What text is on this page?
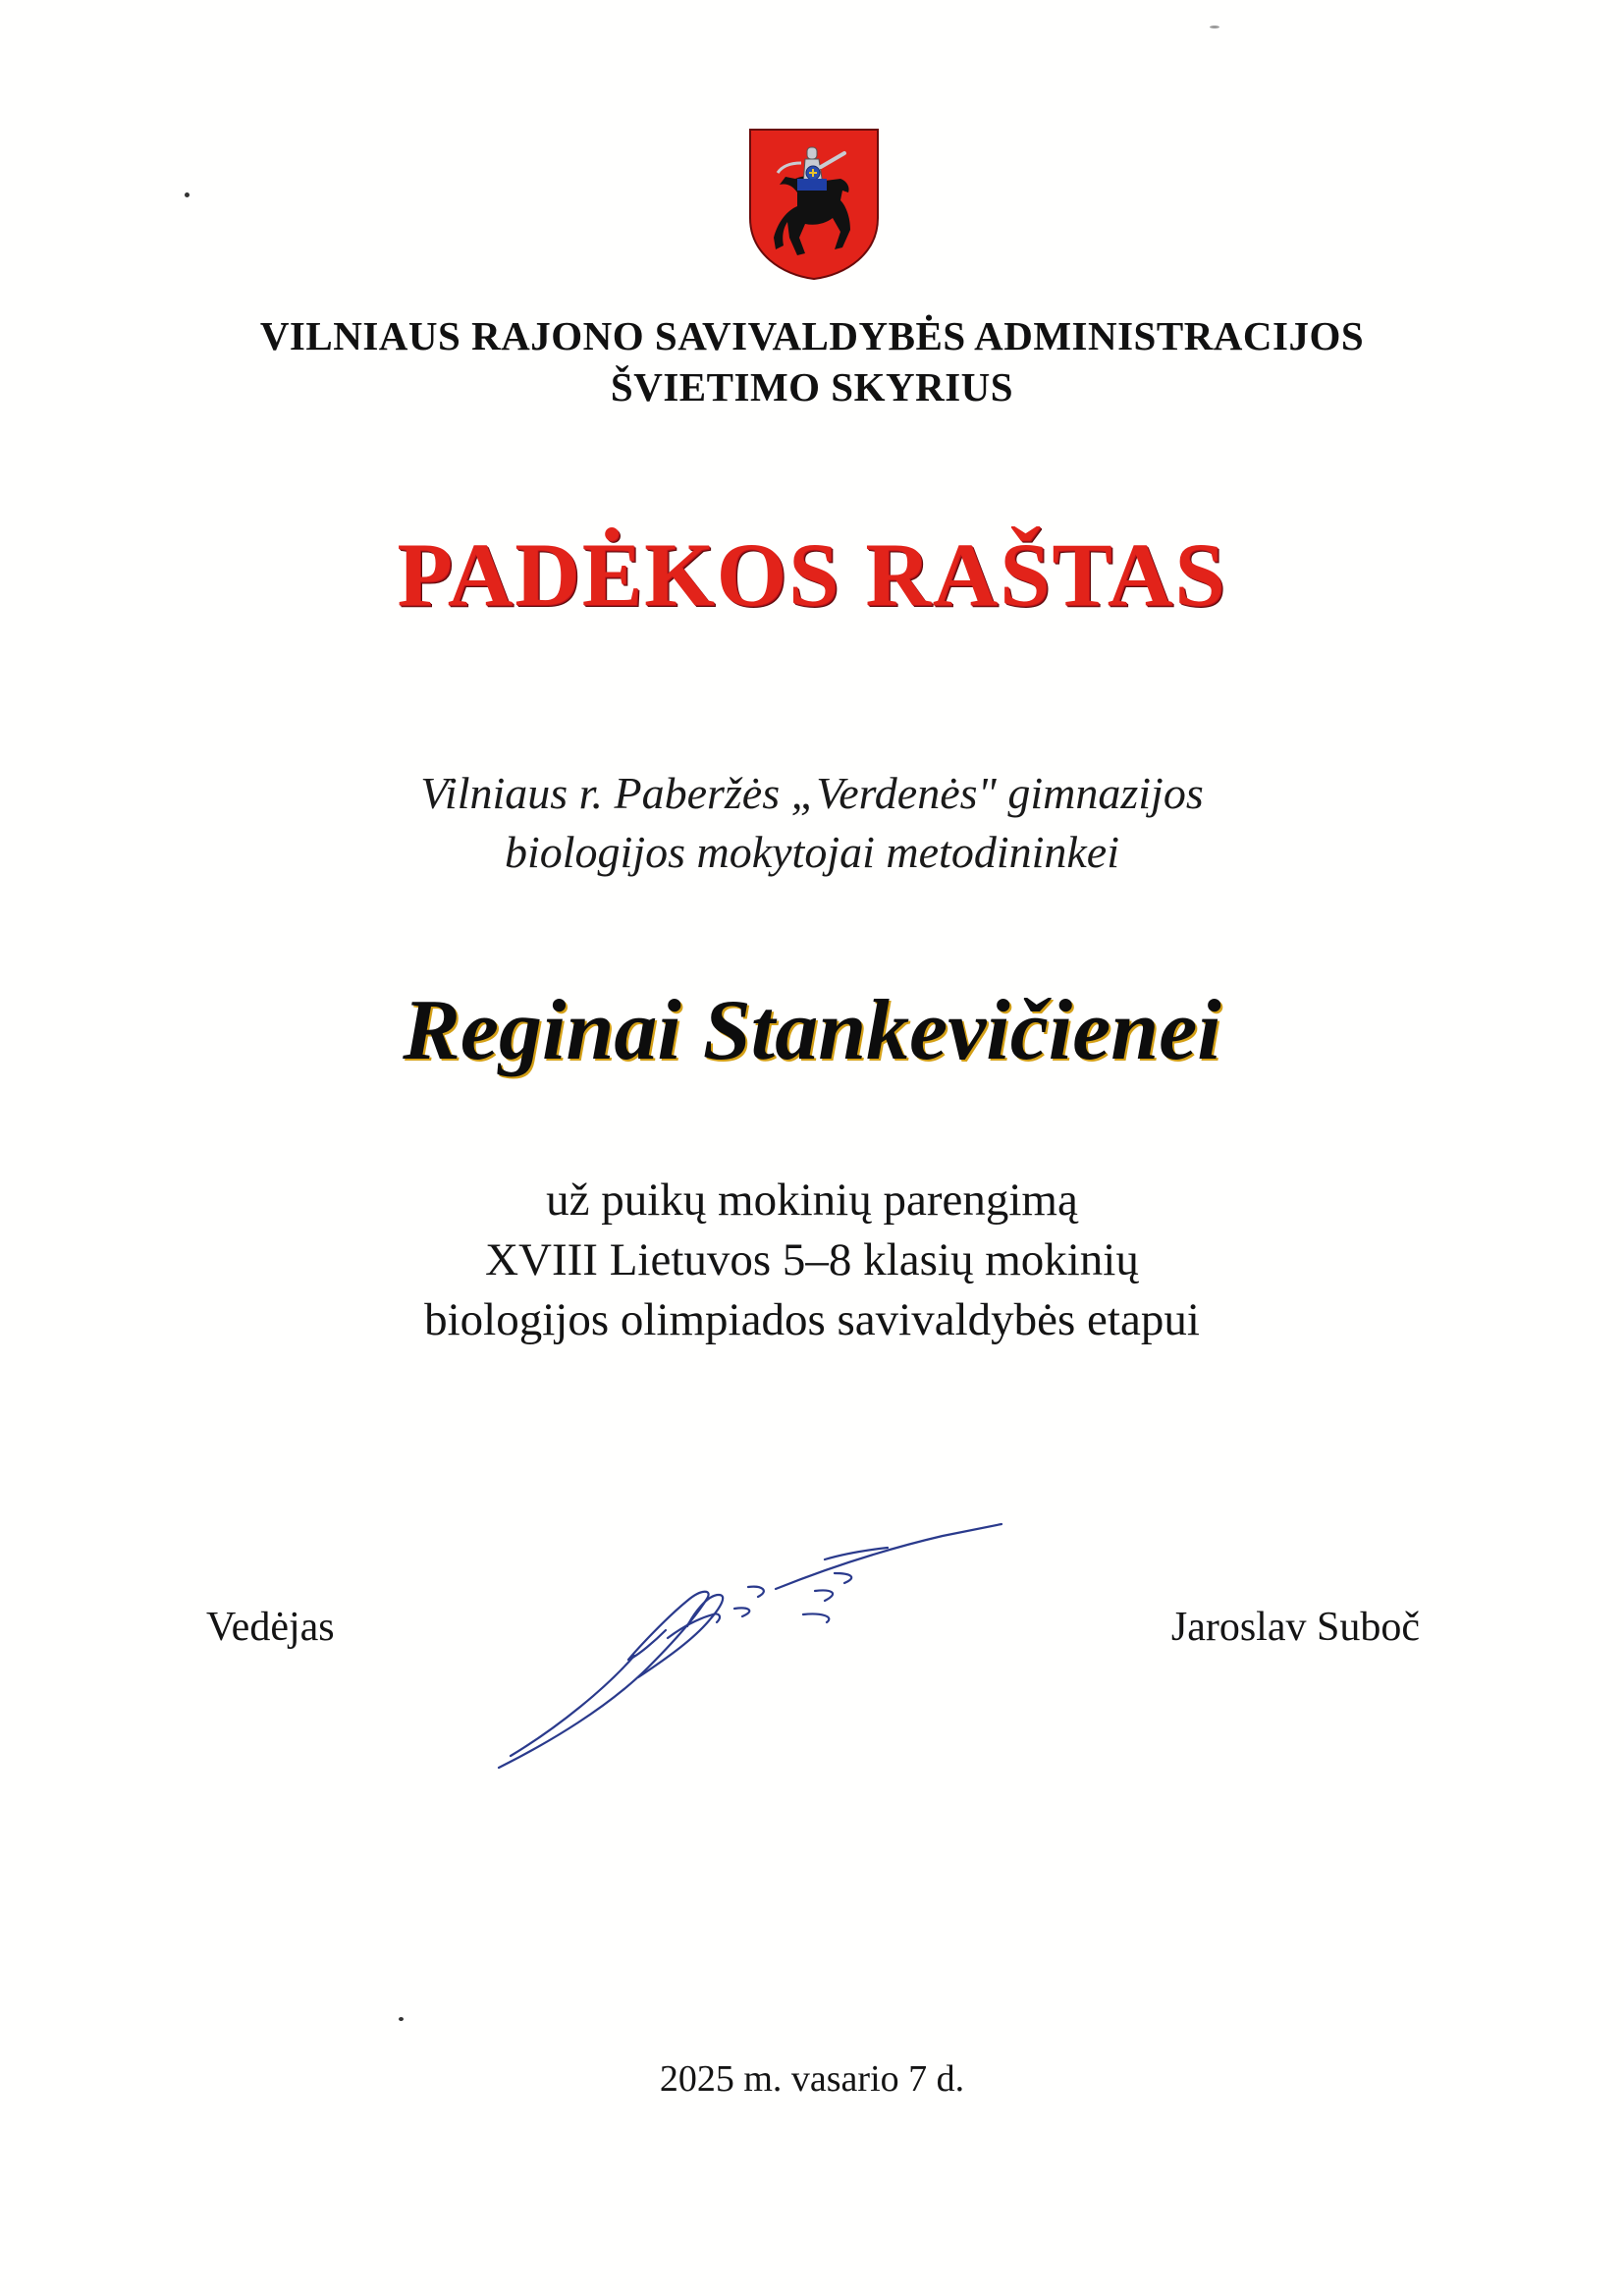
VILNIAUS RAJONO SAVIVALDYBĖS ADMINISTRACIJOS
ŠVIETIMO SKYRIUS
PADĖKOS RAŠTAS
Vilniaus r. Paberžės „Verdenės" gimnazijos
biologijos mokytojai metodininkei
Reginai Stankevičienei
už puikų mokinių parengimą
XVIII Lietuvos 5–8 klasių mokinių
biologijos olimpiados savivaldybės etapui
Vedėjas	Jaroslav Suboč
2025 m. vasario 7 d.
